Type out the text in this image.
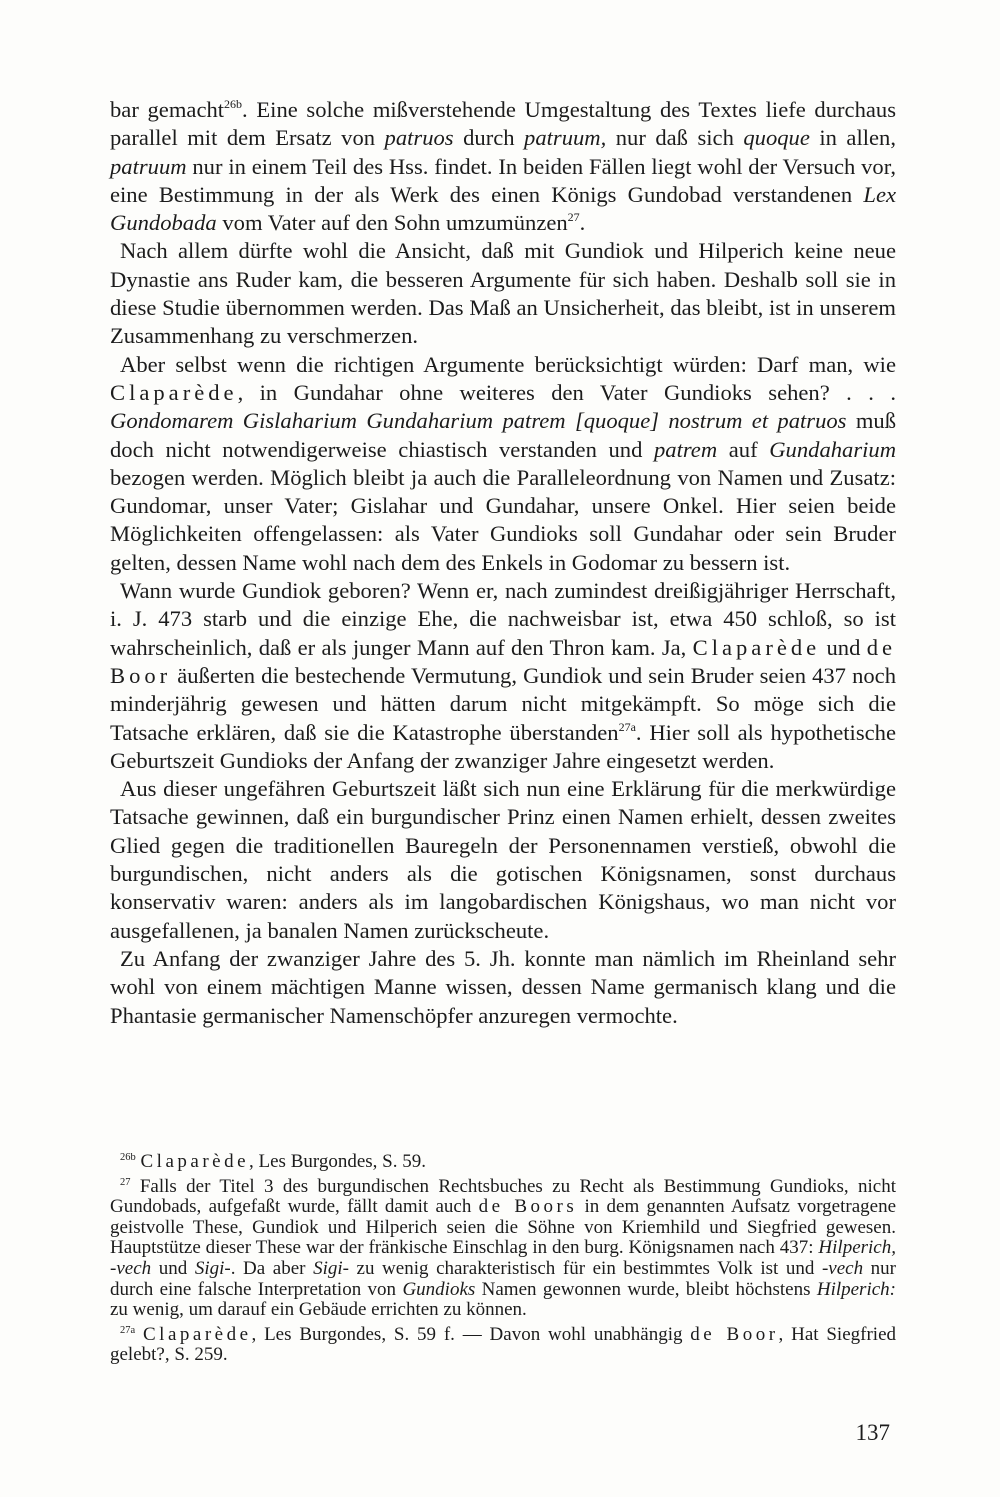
bar gemacht$^{26b}$. Eine solche mißverstehende Umgestaltung des Textes liefe durchaus parallel mit dem Ersatz von patruos durch patruum, nur daß sich quoque in allen, patruum nur in einem Teil des Hss. findet. In beiden Fällen liegt wohl der Versuch vor, eine Bestimmung in der als Werk des einen Königs Gundobad verstandenen Lex Gundobada vom Vater auf den Sohn umzumünzen$^{27}$.

Nach allem dürfte wohl die Ansicht, daß mit Gundiok und Hilperich keine neue Dynastie ans Ruder kam, die besseren Argumente für sich haben. Deshalb soll sie in diese Studie übernommen werden. Das Maß an Unsicherheit, das bleibt, ist in unserem Zusammenhang zu verschmerzen.

Aber selbst wenn die richtigen Argumente berücksichtigt würden: Darf man, wie Claparède, in Gundahar ohne weiteres den Vater Gundioks sehen? . . . Gondomarem Gislaharium Gundaharium patrem [quoque] nostrum et patruos muß doch nicht notwendigerweise chiastisch verstanden und patrem auf Gundaharium bezogen werden. Möglich bleibt ja auch die Paralleleordnung von Namen und Zusatz: Gundomar, unser Vater; Gislahar und Gundahar, unsere Onkel. Hier seien beide Möglichkeiten offengelassen: als Vater Gundioks soll Gundahar oder sein Bruder gelten, dessen Name wohl nach dem des Enkels in Godomar zu bessern ist.

Wann wurde Gundiok geboren? Wenn er, nach zumindest dreißigjähriger Herrschaft, i. J. 473 starb und die einzige Ehe, die nachweisbar ist, etwa 450 schloß, so ist wahrscheinlich, daß er als junger Mann auf den Thron kam. Ja, Claparède und de Boor äußerten die bestechende Vermutung, Gundiok und sein Bruder seien 437 noch minderjährig gewesen und hätten darum nicht mitgekämpft. So möge sich die Tatsache erklären, daß sie die Katastrophe überstanden$^{27a}$. Hier soll als hypothetische Geburtszeit Gundioks der Anfang der zwanziger Jahre eingesetzt werden.

Aus dieser ungefähren Geburtszeit läßt sich nun eine Erklärung für die merkwürdige Tatsache gewinnen, daß ein burgundischer Prinz einen Namen erhielt, dessen zweites Glied gegen die traditionellen Bauregeln der Personennamen verstieß, obwohl die burgundischen, nicht anders als die gotischen Königsnamen, sonst durchaus konservativ waren: anders als im langobardischen Königshaus, wo man nicht vor ausgefallenen, ja banalen Namen zurückscheute.

Zu Anfang der zwanziger Jahre des 5. Jh. konnte man nämlich im Rheinland sehr wohl von einem mächtigen Manne wissen, dessen Name germanisch klang und die Phantasie germanischer Namenschöpfer anzuregen vermochte.

$^{26b}$ Claparède, Les Burgondes, S. 59.

$^{27}$ Falls der Titel 3 des burgundischen Rechtsbuches zu Recht als Bestimmung Gundioks, nicht Gundobads, aufgefaßt wurde, fällt damit auch de Boors in dem genannten Aufsatz vorgetragene geistvolle These, Gundiok und Hilperich seien die Söhne von Kriemhild und Siegfried gewesen. Hauptstütze dieser These war der fränkische Einschlag in den burg. Königsnamen nach 437: Hilperich, -vech und Sigi-. Da aber Sigi- zu wenig charakteristisch für ein bestimmtes Volk ist und -vech nur durch eine falsche Interpretation von Gundioks Namen gewonnen wurde, bleibt höchstens Hilperich: zu wenig, um darauf ein Gebäude errichten zu können.

$^{27a}$ Claparède, Les Burgondes, S. 59 f. — Davon wohl unabhängig de Boor, Hat Siegfried gelebt?, S. 259.

137
